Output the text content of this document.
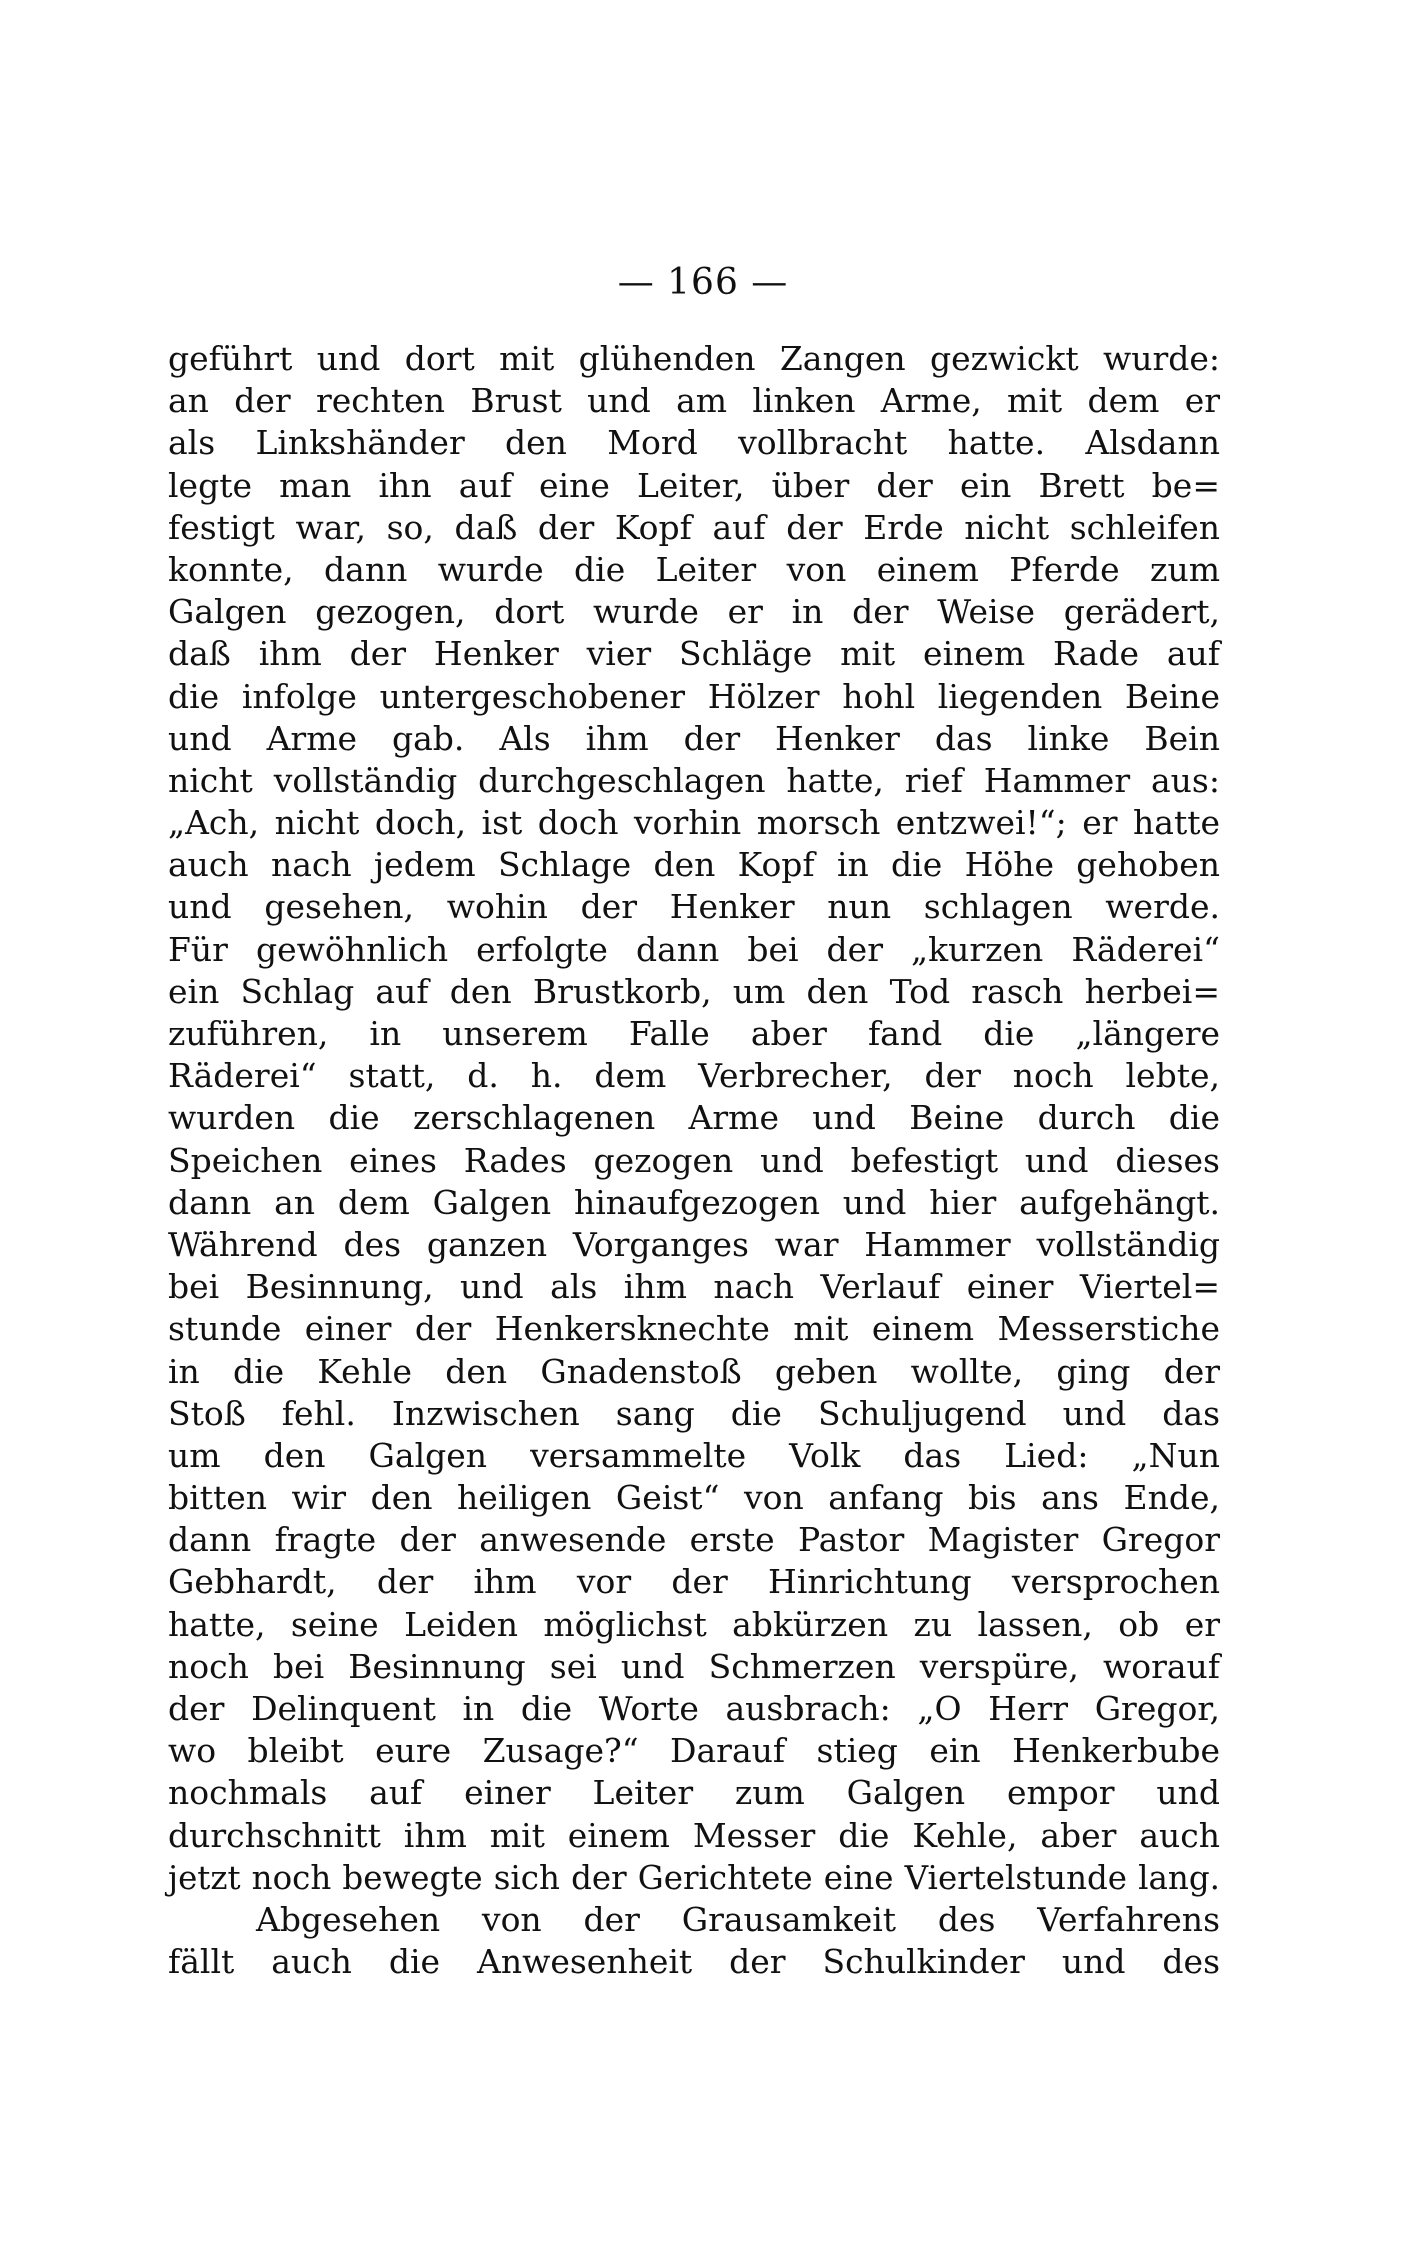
— 166 —
geführt und dort mit glühenden Zangen gezwickt wurde:
an der rechten Brust und am linken Arme, mit dem er
als Linkshänder den Mord vollbracht hatte. Alsdann
legte man ihn auf eine Leiter, über der ein Brett be=
festigt war, so, daß der Kopf auf der Erde nicht schleifen
konnte, dann wurde die Leiter von einem Pferde zum
Galgen gezogen, dort wurde er in der Weise gerädert,
daß ihm der Henker vier Schläge mit einem Rade auf
die infolge untergeschobener Hölzer hohl liegenden Beine
und Arme gab. Als ihm der Henker das linke Bein
nicht vollständig durchgeschlagen hatte, rief Hammer aus:
„Ach, nicht doch, ist doch vorhin morsch entzwei!“; er hatte
auch nach jedem Schlage den Kopf in die Höhe gehoben
und gesehen, wohin der Henker nun schlagen werde.
Für gewöhnlich erfolgte dann bei der „kurzen Räderei“
ein Schlag auf den Brustkorb, um den Tod rasch herbei=
zuführen, in unserem Falle aber fand die „längere
Räderei“ statt, d. h. dem Verbrecher, der noch lebte,
wurden die zerschlagenen Arme und Beine durch die
Speichen eines Rades gezogen und befestigt und dieses
dann an dem Galgen hinaufgezogen und hier aufgehängt.
Während des ganzen Vorganges war Hammer vollständig
bei Besinnung, und als ihm nach Verlauf einer Viertel=
stunde einer der Henkersknechte mit einem Messerstiche
in die Kehle den Gnadenstoß geben wollte, ging der
Stoß fehl. Inzwischen sang die Schuljugend und das
um den Galgen versammelte Volk das Lied: „Nun
bitten wir den heiligen Geist“ von anfang bis ans Ende,
dann fragte der anwesende erste Pastor Magister Gregor
Gebhardt, der ihm vor der Hinrichtung versprochen
hatte, seine Leiden möglichst abkürzen zu lassen, ob er
noch bei Besinnung sei und Schmerzen verspüre, worauf
der Delinquent in die Worte ausbrach: „O Herr Gregor,
wo bleibt eure Zusage?“ Darauf stieg ein Henkerbube
nochmals auf einer Leiter zum Galgen empor und
durchschnitt ihm mit einem Messer die Kehle, aber auch
jetzt noch bewegte sich der Gerichtete eine Viertelstunde lang.
Abgesehen von der Grausamkeit des Verfahrens
fällt auch die Anwesenheit der Schulkinder und des
